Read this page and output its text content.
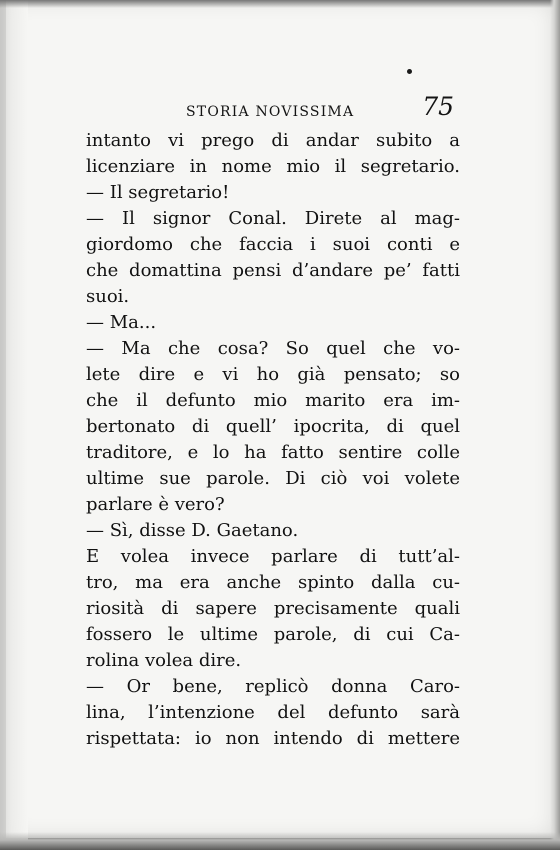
STORIA NOVISSIMA	75
intanto vi prego di andar subito a
licenziare in nome mio il segretario.
— Il segretario!
— Il signor Conal. Direte al mag-
giordomo che faccia i suoi conti e
che domattina pensi d’andare pe’ fatti
suoi.
— Ma...
— Ma che cosa? So quel che vo-
lete dire e vi ho già pensato; so
che il defunto mio marito era im-
bertonato di quell’ ipocrita, di quel
traditore, e lo ha fatto sentire colle
ultime sue parole. Di ciò voi volete
parlare è vero?
— Sì, disse D. Gaetano.
E volea invece parlare di tutt’al-
tro, ma era anche spinto dalla cu-
riosità di sapere precisamente quali
fossero le ultime parole, di cui Ca-
rolina volea dire.
— Or bene, replicò donna Caro-
lina, l’intenzione del defunto sarà
rispettata: io non intendo di mettere
